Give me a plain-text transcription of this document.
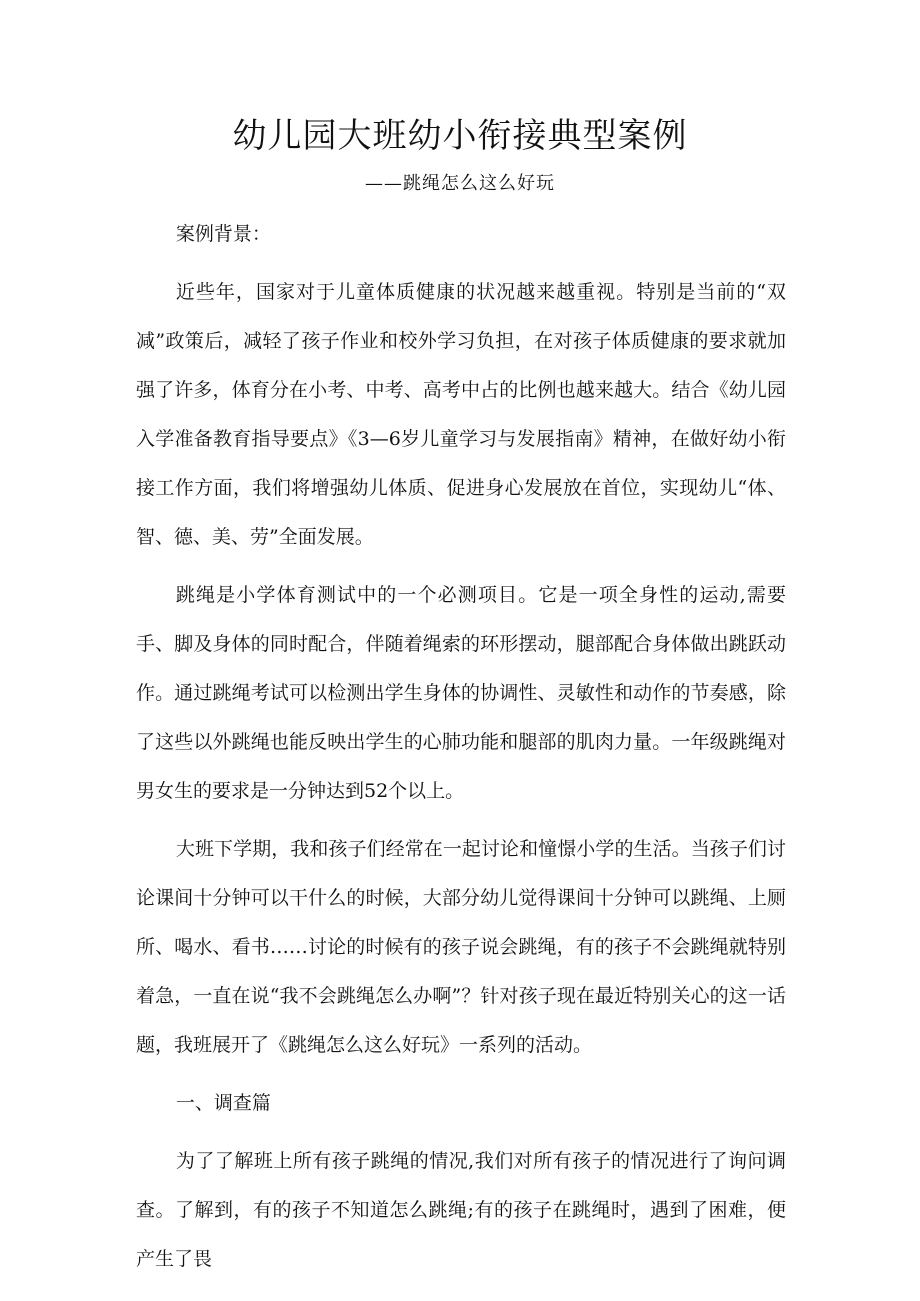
幼儿园大班幼小衔接典型案例
——跳绳怎么这么好玩

案例背景：

近些年，国家对于儿童体质健康的状况越来越重视。特别是当前的“双减”政策后，减轻了孩子作业和校外学习负担，在对孩子体质健康的要求就加强了许多，体育分在小考、中考、高考中占的比例也越来越大。结合《幼儿园入学准备教育指导要点》《3—6岁儿童学习与发展指南》精神，在做好幼小衔接工作方面，我们将增强幼儿体质、促进身心发展放在首位，实现幼儿“体、智、德、美、劳”全面发展。

跳绳是小学体育测试中的一个必测项目。它是一项全身性的运动,需要手、脚及身体的同时配合，伴随着绳索的环形摆动，腿部配合身体做出跳跃动作。通过跳绳考试可以检测出学生身体的协调性、灵敏性和动作的节奏感，除了这些以外跳绳也能反映出学生的心肺功能和腿部的肌肉力量。一年级跳绳对男女生的要求是一分钟达到52个以上。

大班下学期，我和孩子们经常在一起讨论和憧憬小学的生活。当孩子们讨论课间十分钟可以干什么的时候，大部分幼儿觉得课间十分钟可以跳绳、上厕所、喝水、看书……讨论的时候有的孩子说会跳绳，有的孩子不会跳绳就特别着急，一直在说“我不会跳绳怎么办啊”？针对孩子现在最近特别关心的这一话题，我班展开了《跳绳怎么这么好玩》一系列的活动。

一、调查篇

为了了解班上所有孩子跳绳的情况,我们对所有孩子的情况进行了询问调查。了解到，有的孩子不知道怎么跳绳;有的孩子在跳绳时，遇到了困难，便产生了畏
